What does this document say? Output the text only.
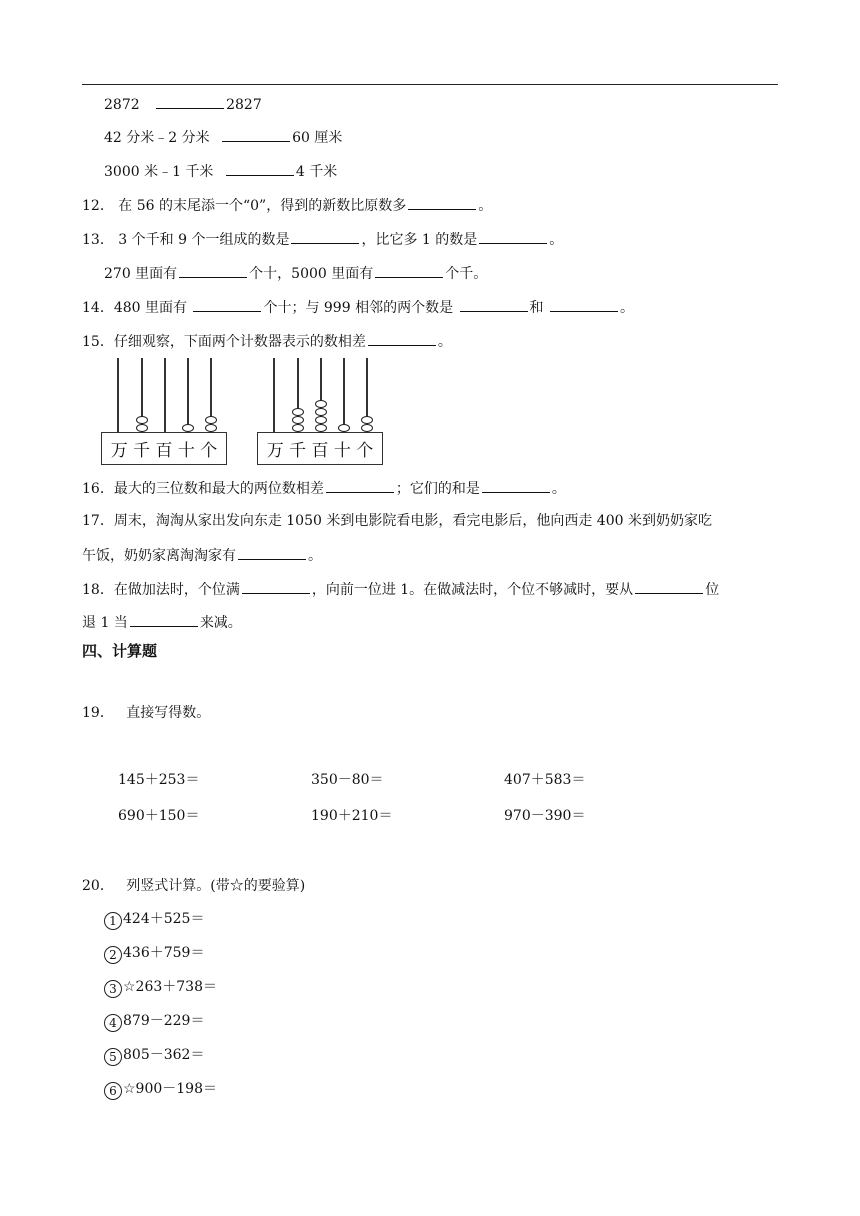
2872	2827
42 分米﹣2 分米	60 厘米
3000 米﹣1 千米	4 千米
12． 在 56 的末尾添一个“0”，得到的新数比原数多	。
13． 3 个千和 9 个一组成的数是	，比它多 1 的数是	。
270 里面有	个十，5000 里面有	个千。
14．480 里面有	个十；与 999 相邻的两个数是	和	。
15．仔细观察，下面两个计数器表示的数相差	。
万 千 百 十 个	万 千 百 十 个
16．最大的三位数和最大的两位数相差	；它们的和是	。
17．周末，淘淘从家出发向东走 1050 米到电影院看电影，看完电影后，他向西走 400 米到奶奶家吃
午饭，奶奶家离淘淘家有	。
18．在做加法时，个位满	，向前一位进 1。在做减法时，个位不够减时，要从	位
退 1 当	来减。
四、计算题
19． 直接写得数。
145＋253＝	350－80＝	407＋583＝
690＋150＝	190＋210＝	970－390＝
20． 列竖式计算。(带☆的要验算)
1 424＋525＝
2 436＋759＝
3 ☆263＋738＝
4 879－229＝
5 805－362＝
6 ☆900－198＝
